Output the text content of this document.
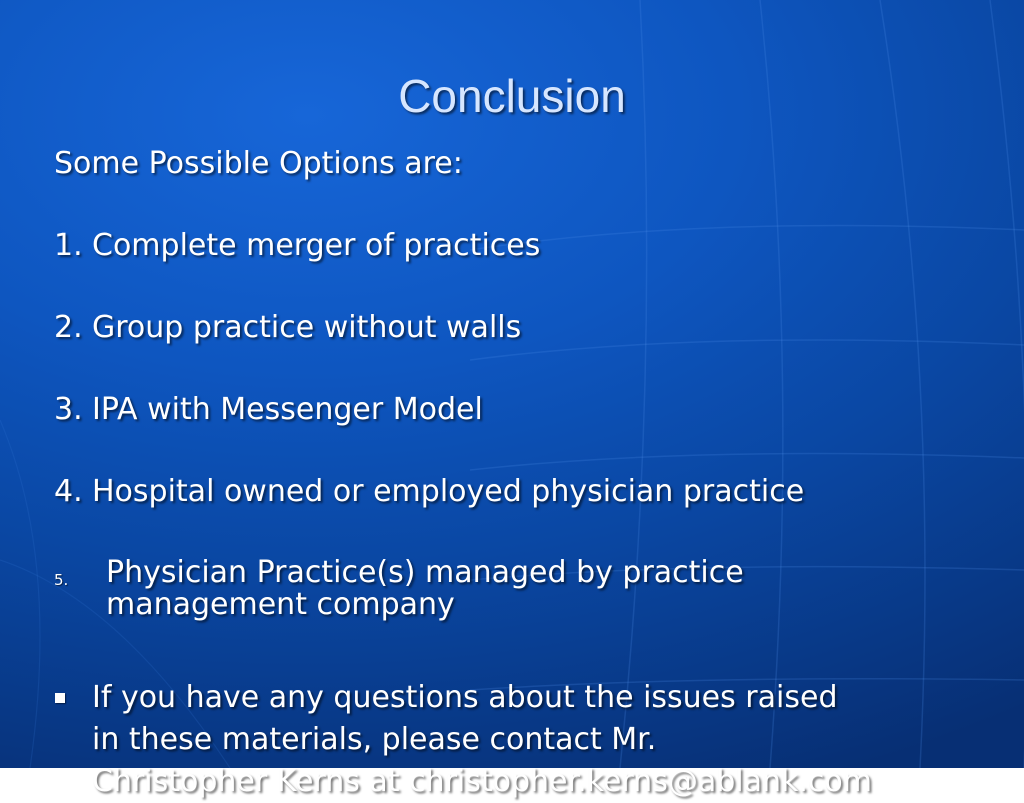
Conclusion
Some Possible Options are:
1. Complete merger of practices
2. Group practice without walls
3. IPA with Messenger Model
4. Hospital owned or employed physician practice
5. Physician Practice(s) managed by practice
management company
If you have any questions about the issues raised
in these materials, please contact Mr.
Christopher Kerns at christopher.kerns@ablank.com
